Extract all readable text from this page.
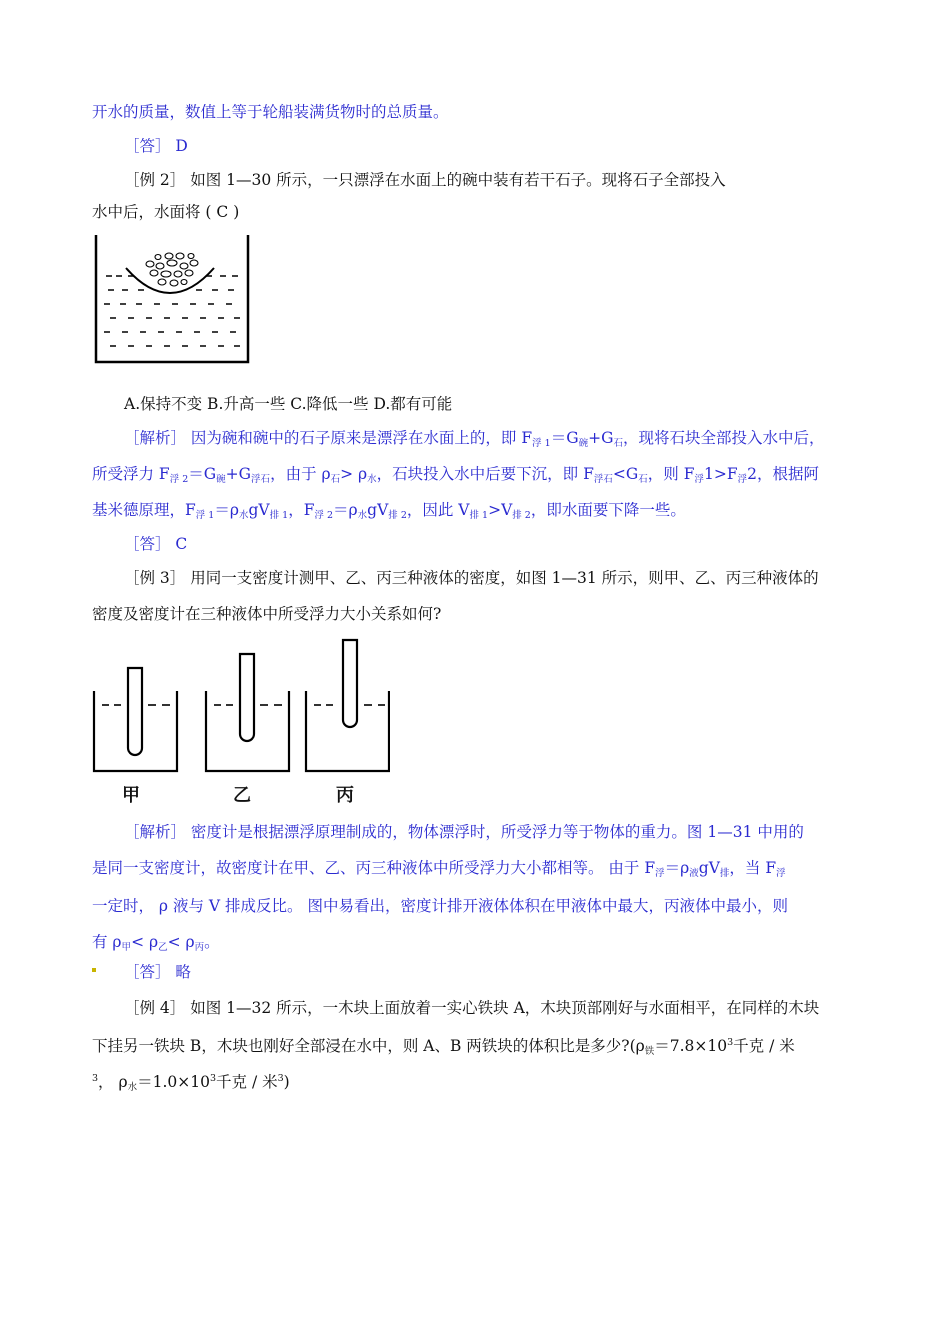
开水的质量，数值上等于轮船装满货物时的总质量。
［答］ D
［例 2］ 如图 1—30 所示，一只漂浮在水面上的碗中装有若干石子。现将石子全部投入
水中后，水面将 ( C )
A.保持不变 B.升高一些 C.降低一些 D.都有可能
［解析］ 因为碗和碗中的石子原来是漂浮在水面上的，即 F浮 1＝G碗+G石，现将石块全部投入水中后，
所受浮力 F浮 2＝G碗+G浮石，由于 ρ石> ρ水，石块投入水中后要下沉，即 F浮石<G石，则 F浮1>F浮2，根据阿
基米德原理，F浮 1＝ρ水gV排 1，F浮 2＝ρ水gV排 2，因此 V排 1>V排 2，即水面要下降一些。
［答］ C
［例 3］ 用同一支密度计测甲、乙、丙三种液体的密度，如图 1—31 所示，则甲、乙、丙三种液体的
密度及密度计在三种液体中所受浮力大小关系如何?
甲	乙	丙
［解析］ 密度计是根据漂浮原理制成的，物体漂浮时，所受浮力等于物体的重力。图 1—31 中用的
是同一支密度计，故密度计在甲、乙、丙三种液体中所受浮力大小都相等。 由于 F浮＝ρ液gV排，当 F浮
一定时， ρ 液与 V 排成反比。 图中易看出，密度计排开液体体积在甲液体中最大，丙液体中最小，则
有 ρ甲< ρ乙< ρ丙。
［答］ 略
［例 4］ 如图 1—32 所示，一木块上面放着一实心铁块 A，木块顶部刚好与水面相平，在同样的木块
下挂另一铁块 B，木块也刚好全部浸在水中，则 A、B 两铁块的体积比是多少?(ρ铁$=7.8\times 10^3$千克 / 米
$^3$， ρ水$=1.0\times 10^3$千克 / 米$^3$)
